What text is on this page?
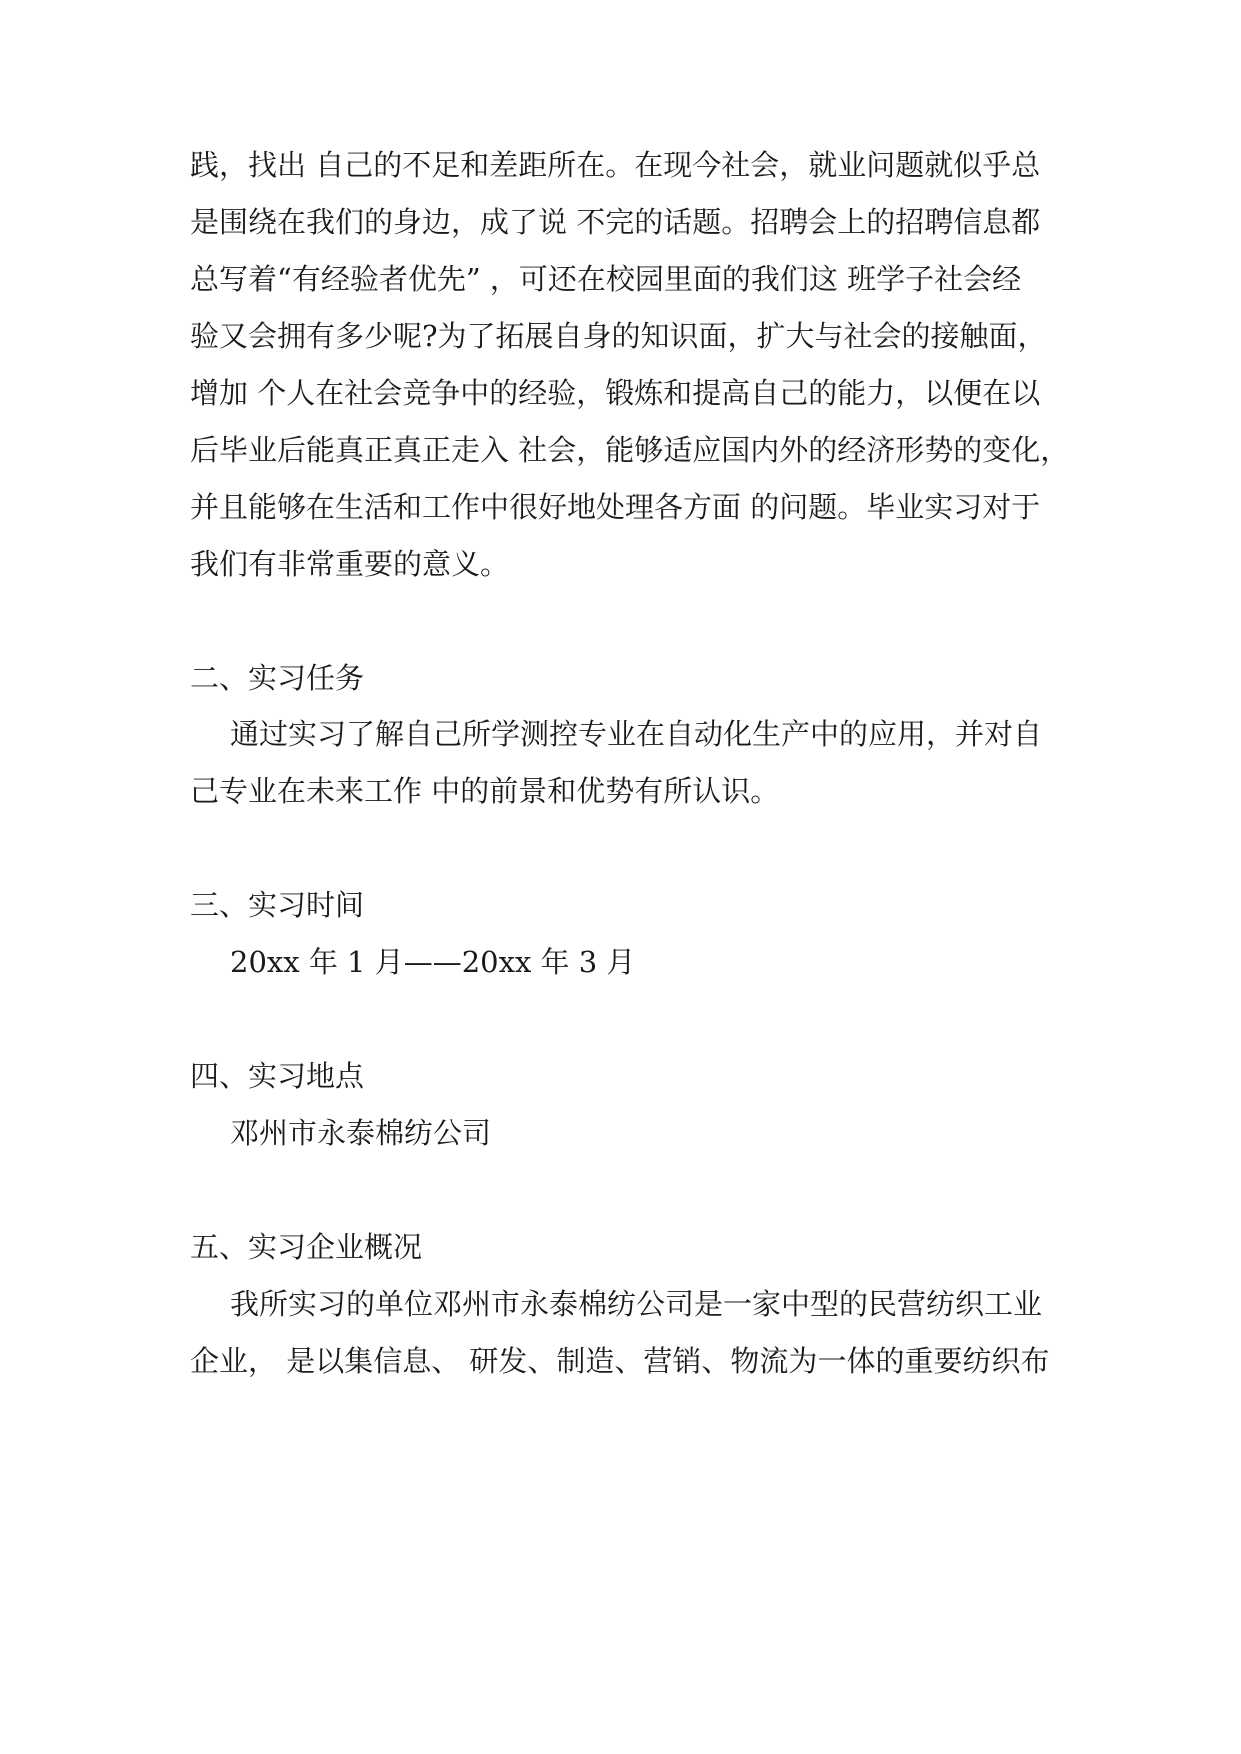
践，找出 自己的不足和差距所在。在现今社会，就业问题就似乎总

是围绕在我们的身边，成了说 不完的话题。招聘会上的招聘信息都

总写着“有经验者优先” ，可还在校园里面的我们这 班学子社会经

验又会拥有多少呢?为了拓展自身的知识面，扩大与社会的接触面，

增加 个人在社会竞争中的经验，锻炼和提高自己的能力，以便在以

后毕业后能真正真正走入 社会，能够适应国内外的经济形势的变化，

并且能够在生活和工作中很好地处理各方面 的问题。毕业实习对于

我们有非常重要的意义。

二、实习任务

通过实习了解自己所学测控专业在自动化生产中的应用，并对自

己专业在未来工作 中的前景和优势有所认识。

三、实习时间

20xx 年 1 月——20xx 年 3 月

四、实习地点

邓州市永泰棉纺公司

五、实习企业概况

我所实习的单位邓州市永泰棉纺公司是一家中型的民营纺织工业

企业， 是以集信息、 研发、制造、营销、物流为一体的重要纺织布
